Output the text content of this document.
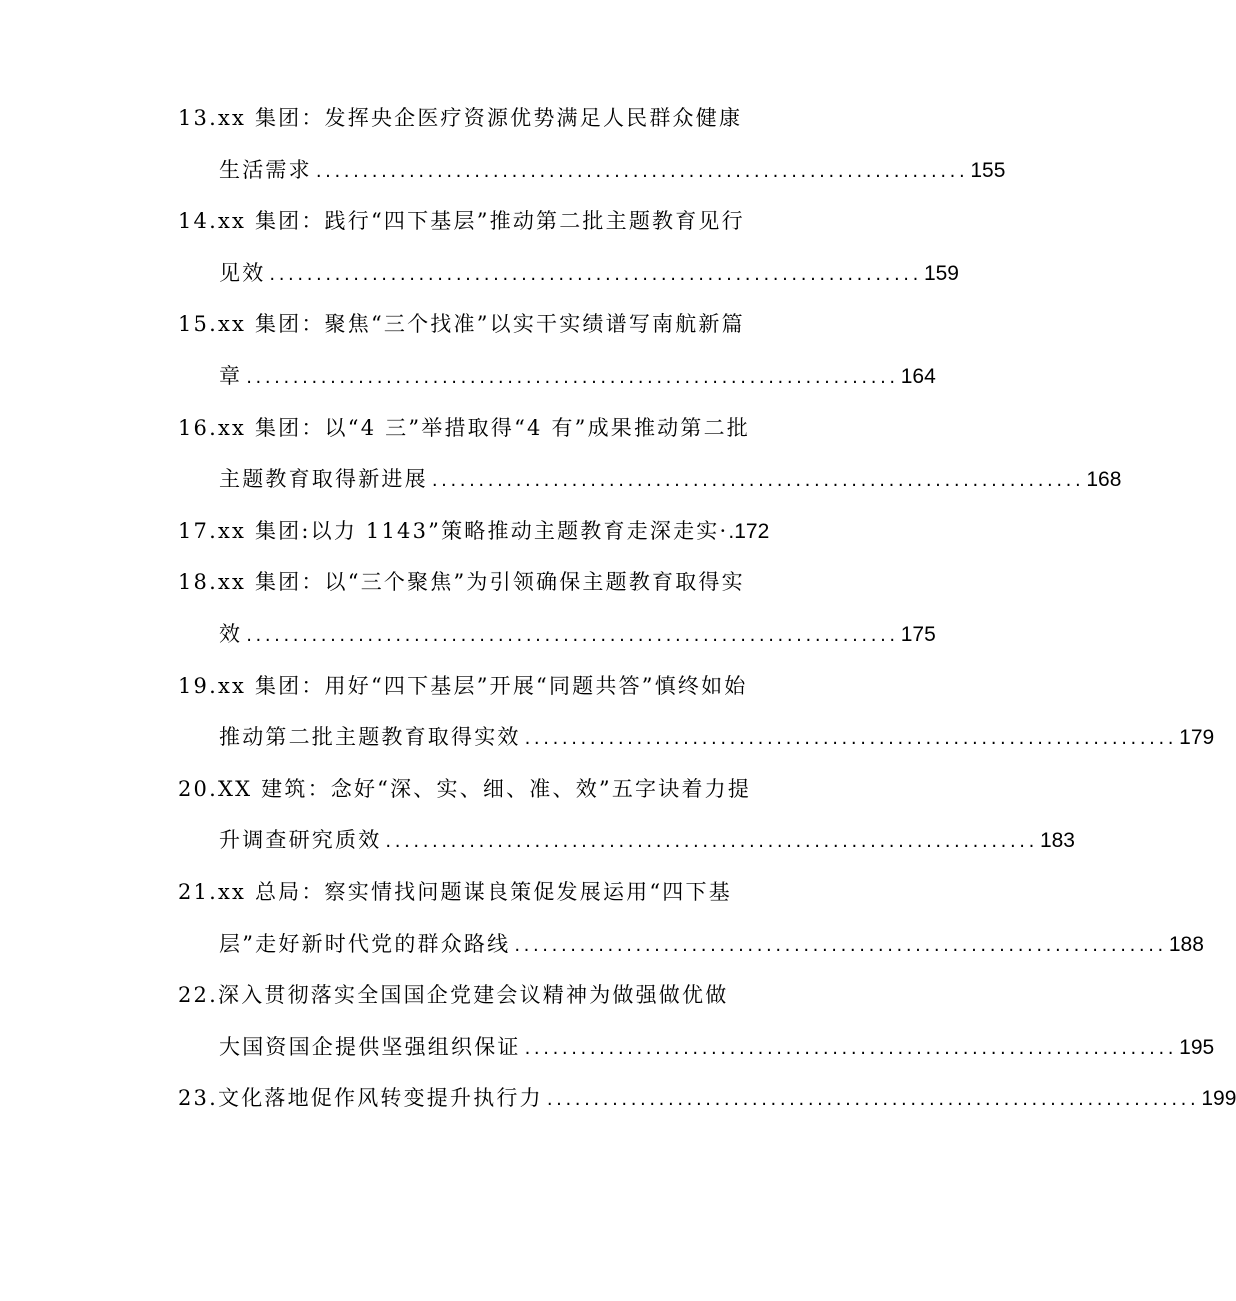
13 .xx 集团：发挥央企医疗资源优势满足人民群众健康
生活需求 ...................................................................... 155
14 .xx 集团：践行“四下基层”推动第二批主题教育见行
见效 ...................................................................... 159
15 .xx 集团：聚焦“三个找准”以实干实绩谱写南航新篇
章 ...................................................................... 164
16 .xx 集团：以“4 三”举措取得“4 有”成果推动第二批
主题教育取得新进展 ...................................................................... 168
17 .xx 集团:以力 1143”策略推动主题教育走深走实· .172
18 .xx 集团：以“三个聚焦”为引领确保主题教育取得实
效 ...................................................................... 175
19 .xx 集团：用好“四下基层”开展“同题共答”慎终如始
推动第二批主题教育取得实效 ...................................................................... 179
20 .XX 建筑：念好“深、实、细、准、效”五字诀着力提
升调查研究质效 ...................................................................... 183
21 .xx 总局：察实情找问题谋良策促发展运用“四下基
层”走好新时代党的群众路线 ...................................................................... 188
22 .深入贯彻落实全国国企党建会议精神为做强做优做
大国资国企提供坚强组织保证 ...................................................................... 195
23 .文化落地促作风转变提升执行力 ...................................................................... 199
